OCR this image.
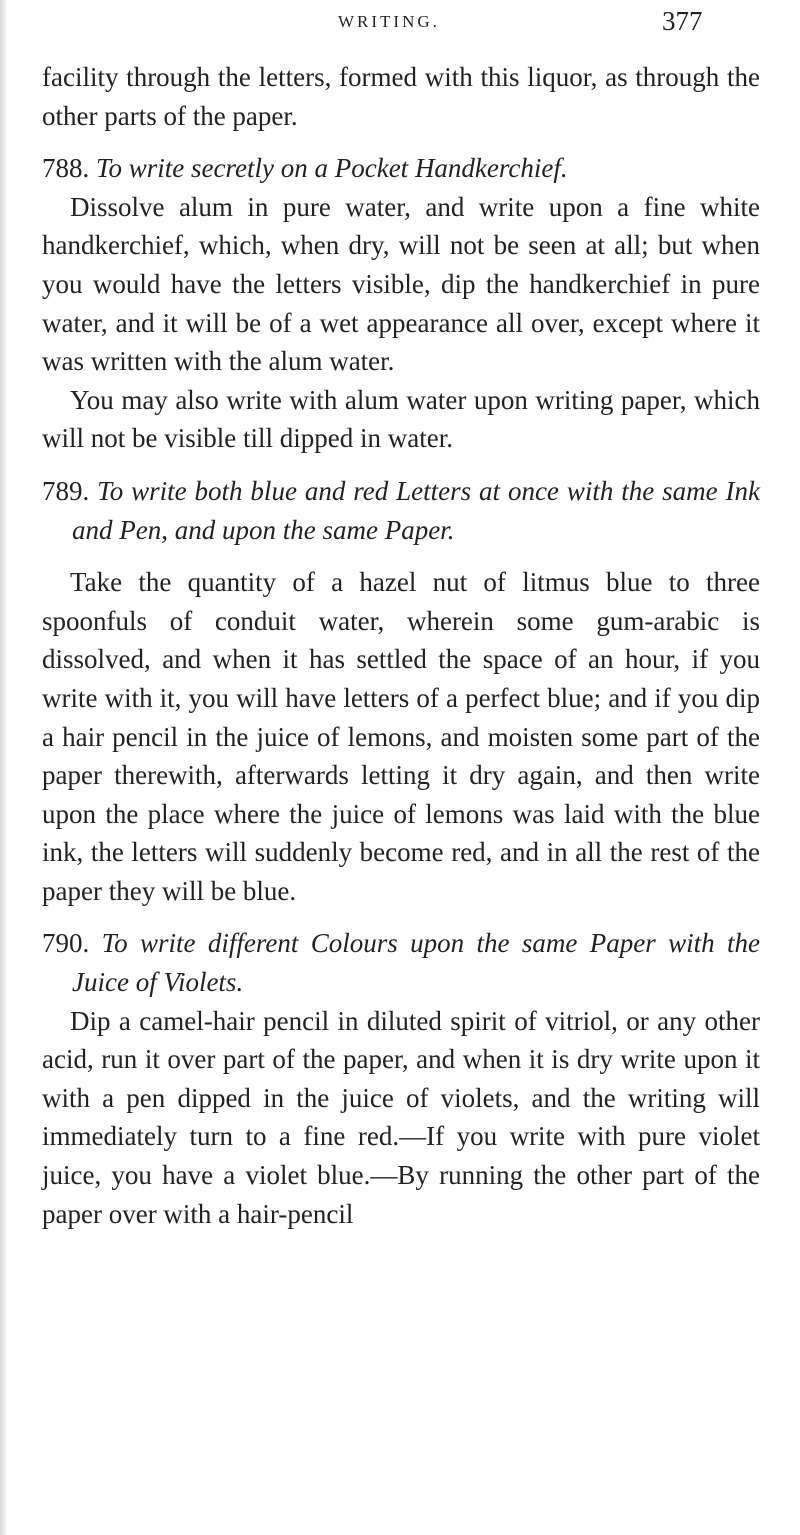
WRITING.	377

facility through the letters, formed with this liquor, as through the other parts of the paper.

788. To write secretly on a Pocket Handkerchief.

Dissolve alum in pure water, and write upon a fine white handkerchief, which, when dry, will not be seen at all; but when you would have the letters visible, dip the handkerchief in pure water, and it will be of a wet appearance all over, except where it was written with the alum water.

You may also write with alum water upon writing paper, which will not be visible till dipped in water.

789. To write both blue and red Letters at once with the same Ink and Pen, and upon the same Paper.

Take the quantity of a hazel nut of litmus blue to three spoonfuls of conduit water, wherein some gum-arabic is dissolved, and when it has settled the space of an hour, if you write with it, you will have letters of a perfect blue; and if you dip a hair pencil in the juice of lemons, and moisten some part of the paper therewith, afterwards letting it dry again, and then write upon the place where the juice of lemons was laid with the blue ink, the letters will suddenly become red, and in all the rest of the paper they will be blue.

790. To write different Colours upon the same Paper with the Juice of Violets.

Dip a camel-hair pencil in diluted spirit of vitriol, or any other acid, run it over part of the paper, and when it is dry write upon it with a pen dipped in the juice of violets, and the writing will immediately turn to a fine red.—If you write with pure violet juice, you have a violet blue.—By running the other part of the paper over with a hair-pencil
